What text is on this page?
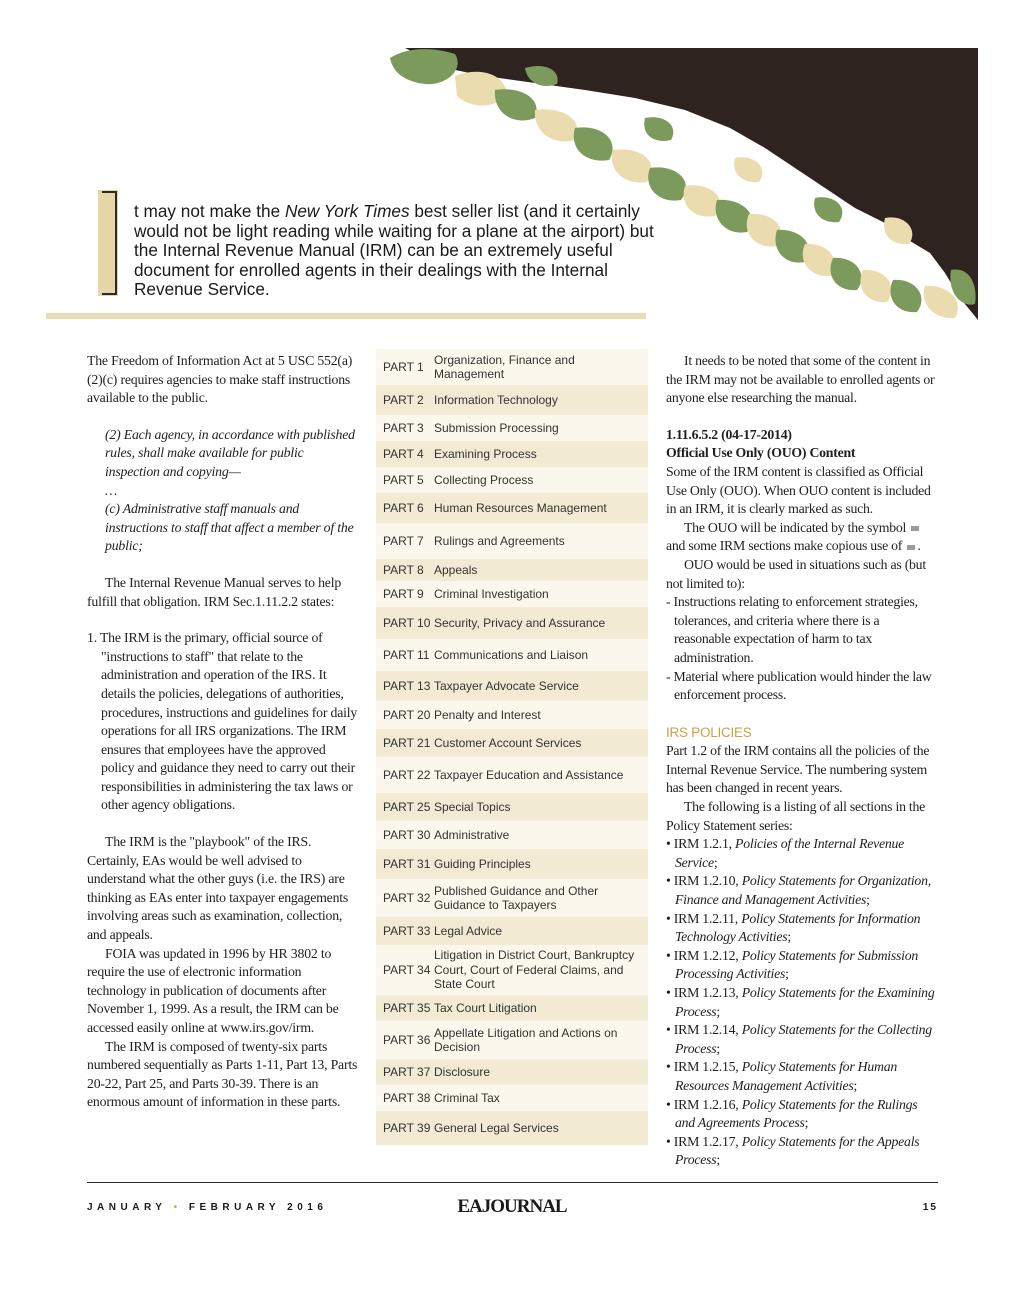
t may not make the New York Times best seller list (and it certainly would not be light reading while waiting for a plane at the airport) but the Internal Revenue Manual (IRM) can be an extremely useful document for enrolled agents in their dealings with the Internal Revenue Service.

The Freedom of Information Act at 5 USC 552(a)(2)(c) requires agencies to make staff instructions available to the public.

(2) Each agency, in accordance with published rules, shall make available for public inspection and copying—

…

(c) Administrative staff manuals and instructions to staff that affect a member of the public;

The Internal Revenue Manual serves to help fulfill that obligation. IRM Sec.1.11.2.2 states:

1. The IRM is the primary, official source of "instructions to staff" that relate to the administration and operation of the IRS. It details the policies, delegations of authorities, procedures, instructions and guidelines for daily operations for all IRS organizations. The IRM ensures that employees have the approved policy and guidance they need to carry out their responsibilities in administering the tax laws or other agency obligations.

The IRM is the "playbook" of the IRS. Certainly, EAs would be well advised to understand what the other guys (i.e. the IRS) are thinking as EAs enter into taxpayer engagements involving areas such as examination, collection, and appeals.

FOIA was updated in 1996 by HR 3802 to require the use of electronic information technology in publication of documents after November 1, 1999. As a result, the IRM can be accessed easily online at www.irs.gov/irm.

The IRM is composed of twenty-six parts numbered sequentially as Parts 1-11, Part 13, Parts 20-22, Part 25, and Parts 30-39. There is an enormous amount of information in these parts.

PART 1
Organization, Finance and Management
PART 2 Information Technology
PART 3 Submission Processing
PART 4 Examining Process
PART 5 Collecting Process
PART 6 Human Resources Management
PART 7 Rulings and Agreements
PART 8 Appeals
PART 9 Criminal Investigation
PART 10 Security, Privacy and Assurance
PART 11 Communications and Liaison
PART 13 Taxpayer Advocate Service
PART 20 Penalty and Interest
PART 21 Customer Account Services
PART 22 Taxpayer Education and Assistance
PART 25 Special Topics
PART 30 Administrative
PART 31 Guiding Principles
PART 32
Published Guidance and Other Guidance to Taxpayers
PART 33 Legal Advice
PART 34
Litigation in District Court, Bankruptcy Court, Court of Federal Claims, and State Court
PART 35 Tax Court Litigation
PART 36
Appellate Litigation and Actions on Decision
PART 37 Disclosure
PART 38 Criminal Tax
PART 39 General Legal Services

It needs to be noted that some of the content in the IRM may not be available to enrolled agents or anyone else researching the manual.

1.11.6.5.2 (04-17-2014)

Official Use Only (OUO) Content

Some of the IRM content is classified as Official Use Only (OUO). When OUO content is included in an IRM, it is clearly marked as such.

The OUO will be indicated by the symbol  and some IRM sections make copious use of .

OUO would be used in situations such as (but not limited to):

- Instructions relating to enforcement strategies, tolerances, and criteria where there is a reasonable expectation of harm to tax administration.

- Material where publication would hinder the law enforcement process.

IRS POLICIES

Part 1.2 of the IRM contains all the policies of the Internal Revenue Service. The numbering system has been changed in recent years.

The following is a listing of all sections in the Policy Statement series:

• IRM 1.2.1, Policies of the Internal Revenue Service;
• IRM 1.2.10, Policy Statements for Organization, Finance and Management Activities;
• IRM 1.2.11, Policy Statements for Information Technology Activities;
• IRM 1.2.12, Policy Statements for Submission Processing Activities;
• IRM 1.2.13, Policy Statements for the Examining Process;
• IRM 1.2.14, Policy Statements for the Collecting Process;
• IRM 1.2.15, Policy Statements for Human Resources Management Activities;
• IRM 1.2.16, Policy Statements for the Rulings and Agreements Process;
• IRM 1.2.17, Policy Statements for the Appeals Process;
JANUARY • FEBRUARY 2016	EAJOURNAL	15
